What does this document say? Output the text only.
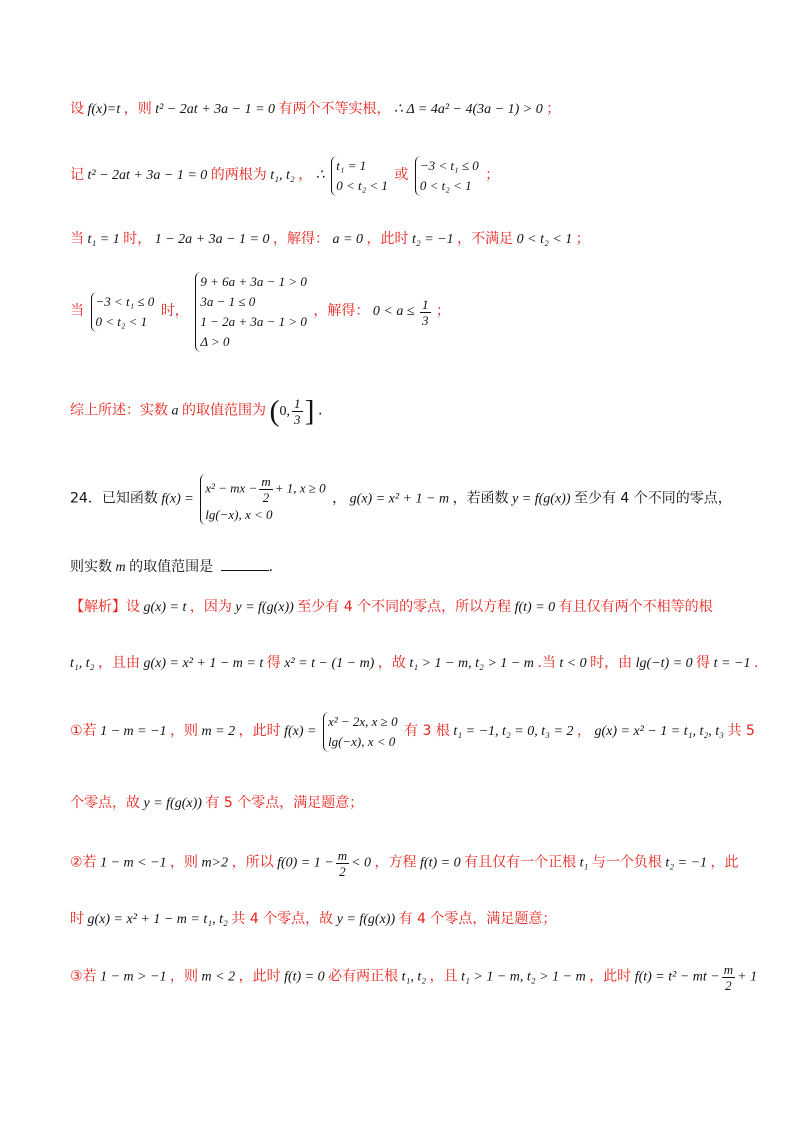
设 f(x)=t ，则 t² − 2at + 3a − 1 = 0 有两个不等实根， ∴ Δ = 4a² − 4(3a − 1) > 0 ；
记 t² − 2at + 3a − 1 = 0 的两根为 t₁, t₂ ， ∴
t₁ = 1
0 < t₂ < 1
或
−3 < t₁ ≤ 0
0 < t₂ < 1
；
当 t₁ = 1 时， 1 − 2a + 3a − 1 = 0 ，解得： a = 0 ，此时 t₂ = −1 ，不满足 0 < t₂ < 1 ；
当
−3 < t₁ ≤ 0
0 < t₂ < 1
时，
9 + 6a + 3a − 1 > 0
3a − 1 ≤ 0
1 − 2a + 3a − 1 > 0
Δ > 0
，解得： $0 < a \le \frac{1}{3}$ ；
综上所述：实数 a 的取值范围为 (0, $\frac{1}{3}$ ] .
24．已知函数 f(x) =
x² − mx − $\frac{m}{2} + 1$, x ≥ 0
lg(−x), x < 0
， g(x) = x² + 1 − m ，若函数 y = f(g(x)) 至少有 4 个不同的零点，
则实数 m 的取值范围是	.
【解析】设 g(x) = t ，因为 y = f(g(x)) 至少有 4 个不同的零点，所以方程 f(t) = 0 有且仅有两个不相等的根
t₁, t₂ ，且由 g(x) = x² + 1 − m = t 得 x² = t − (1 − m) ，故 t₁ > 1 − m, t₂ > 1 − m .当 t < 0 时，由 lg(−t) = 0 得 t = −1 .
①若 1 − m = −1 ，则 m = 2 ，此时 f(x) =
x² − 2x, x ≥ 0
lg(−x), x < 0
有 3 根 t₁ = −1, t₂ = 0, t₃ = 2 ， g(x) = x² − 1 = t₁, t₂, t₃ 共 5
个零点，故 y = f(g(x)) 有 5 个零点，满足题意；
②若 1 − m < −1 ，则 m>2 ，所以 $f(0) = 1 - \frac{m}{2} < 0$ ，方程 f(t) = 0 有且仅有一个正根 t₁ 与一个负根 t₂ = −1 ，此
时 g(x) = x² + 1 − m = t₁, t₂ 共 4 个零点，故 y = f(g(x)) 有 4 个零点，满足题意；
③若 1 − m > −1 ，则 m < 2 ，此时 f(t) = 0 必有两正根 t₁, t₂ ，且 t₁ > 1 − m, t₂ > 1 − m ，此时 f(t) = t² − mt − $\frac{m}{2} + 1$
